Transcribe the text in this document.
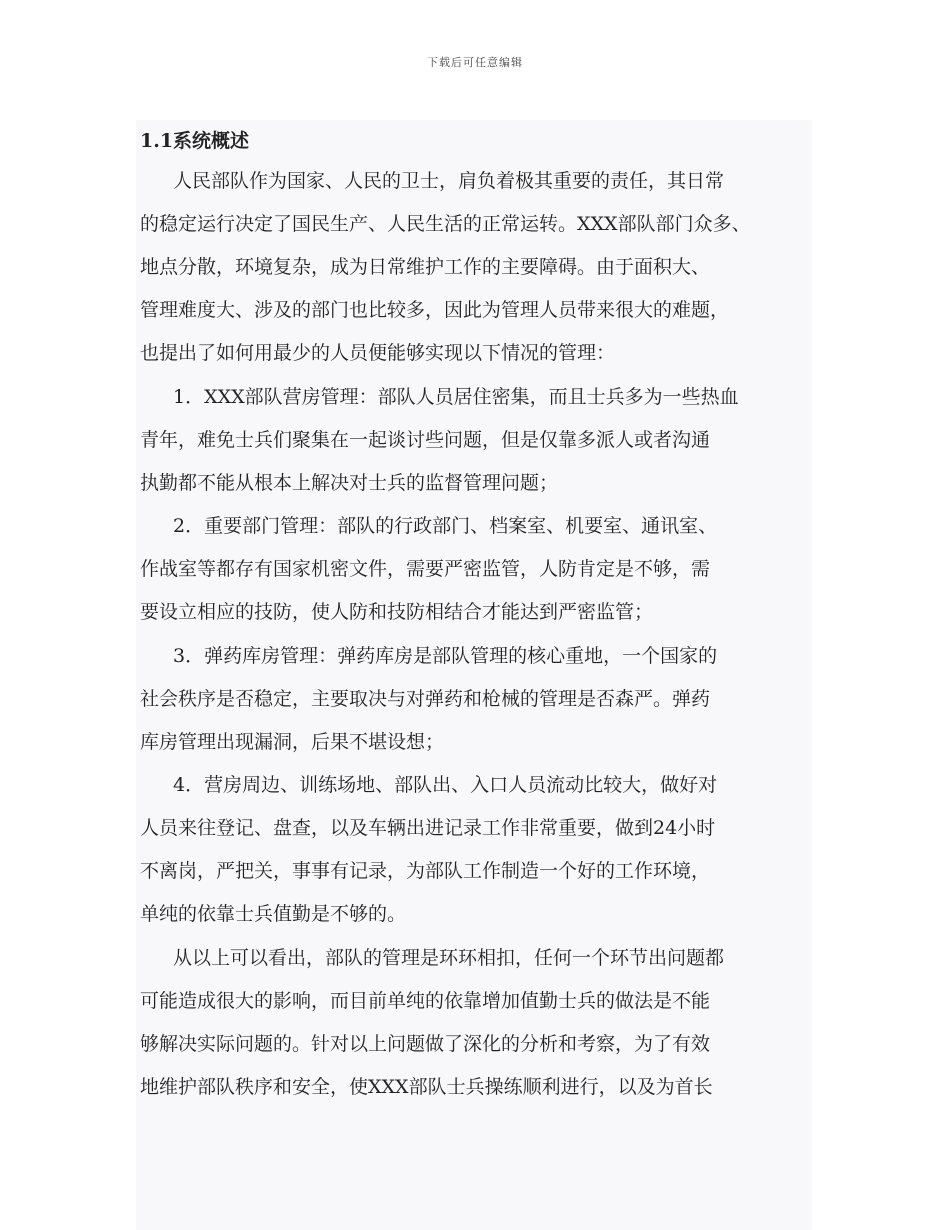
下载后可任意编辑
1.1系统概述

人民部队作为国家、人民的卫士，肩负着极其重要的责任，其日常

的稳定运行决定了国民生产、人民生活的正常运转。XXX部队部门众多、

地点分散，环境复杂，成为日常维护工作的主要障碍。由于面积大、

管理难度大、涉及的部门也比较多，因此为管理人员带来很大的难题，

也提出了如何用最少的人员便能够实现以下情况的管理：

1．XXX部队营房管理：部队人员居住密集，而且士兵多为一些热血

青年，难免士兵们聚集在一起谈讨些问题，但是仅靠多派人或者沟通

执勤都不能从根本上解决对士兵的监督管理问题；

2．重要部门管理：部队的行政部门、档案室、机要室、通讯室、

作战室等都存有国家机密文件，需要严密监管，人防肯定是不够，需

要设立相应的技防，使人防和技防相结合才能达到严密监管；

3．弹药库房管理：弹药库房是部队管理的核心重地，一个国家的

社会秩序是否稳定，主要取决与对弹药和枪械的管理是否森严。弹药

库房管理出现漏洞，后果不堪设想；

4．营房周边、训练场地、部队出、入口人员流动比较大，做好对

人员来往登记、盘查，以及车辆出进记录工作非常重要，做到24小时

不离岗，严把关，事事有记录，为部队工作制造一个好的工作环境，

单纯的依靠士兵值勤是不够的。

从以上可以看出，部队的管理是环环相扣，任何一个环节出问题都

可能造成很大的影响，而目前单纯的依靠增加值勤士兵的做法是不能

够解决实际问题的。针对以上问题做了深化的分析和考察，为了有效

地维护部队秩序和安全，使XXX部队士兵操练顺利进行，以及为首长
